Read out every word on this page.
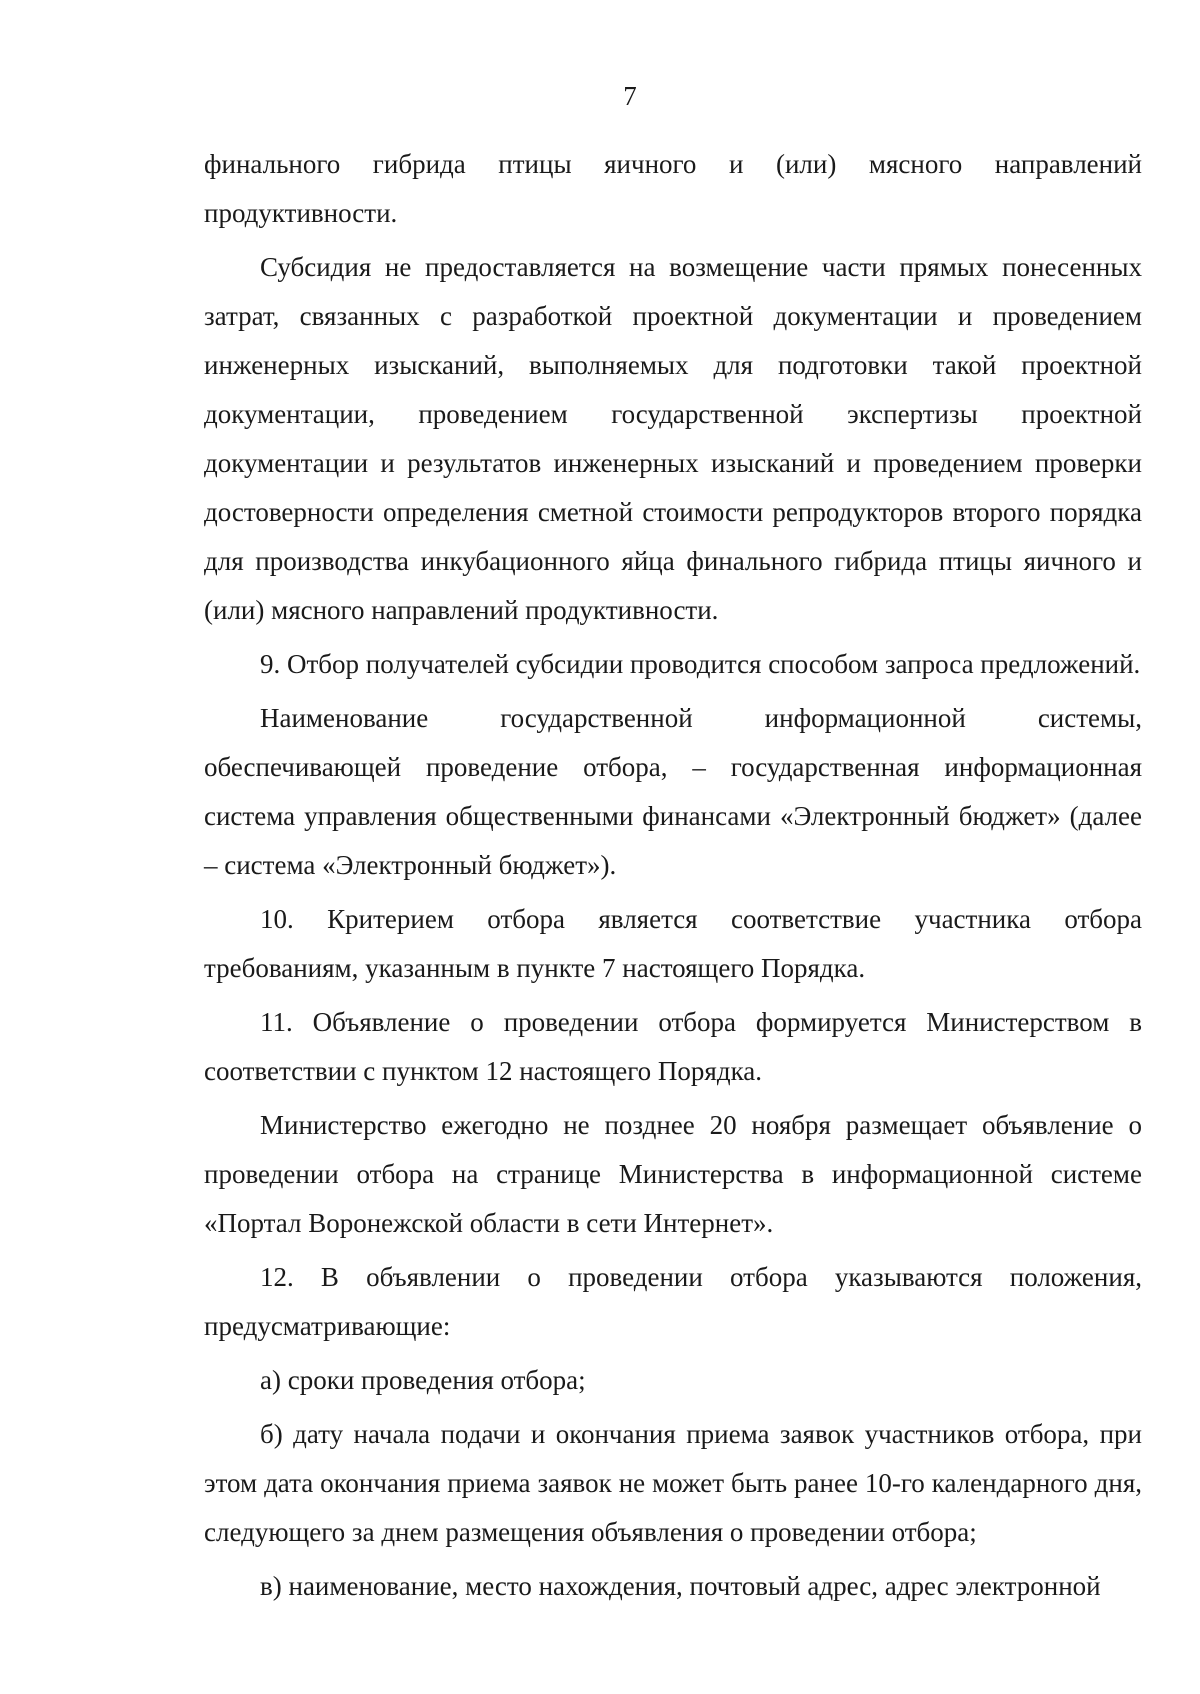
7

финального гибрида птицы яичного и (или) мясного направлений продуктивности.

Субсидия не предоставляется на возмещение части прямых понесенных затрат, связанных с разработкой проектной документации и проведением инженерных изысканий, выполняемых для подготовки такой проектной документации, проведением государственной экспертизы проектной документации и результатов инженерных изысканий и проведением проверки достоверности определения сметной стоимости репродукторов второго порядка для производства инкубационного яйца финального гибрида птицы яичного и (или) мясного направлений продуктивности.

9. Отбор получателей субсидии проводится способом запроса предложений.

Наименование государственной информационной системы, обеспечивающей проведение отбора, – государственная информационная система управления общественными финансами «Электронный бюджет» (далее – система «Электронный бюджет»).

10. Критерием отбора является соответствие участника отбора требованиям, указанным в пункте 7 настоящего Порядка.

11. Объявление о проведении отбора формируется Министерством в соответствии с пунктом 12 настоящего Порядка.

Министерство ежегодно не позднее 20 ноября размещает объявление о проведении отбора на странице Министерства в информационной системе «Портал Воронежской области в сети Интернет».

12. В объявлении о проведении отбора указываются положения, предусматривающие:

а) сроки проведения отбора;

б) дату начала подачи и окончания приема заявок участников отбора, при этом дата окончания приема заявок не может быть ранее 10-го календарного дня, следующего за днем размещения объявления о проведении отбора;

в) наименование, место нахождения, почтовый адрес, адрес электронной
